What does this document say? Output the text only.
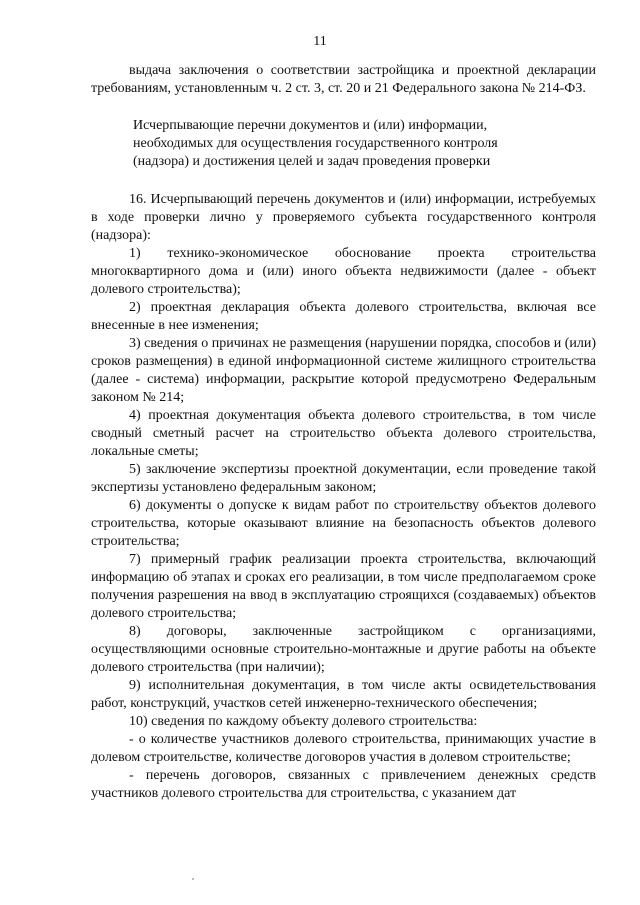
11

выдача заключения о соответствии застройщика и проектной декларации требованиям, установленным ч. 2 ст. 3, ст. 20 и 21 Федерального закона № 214-ФЗ.

Исчерпывающие перечни документов и (или) информации,
необходимых для осуществления государственного контроля
(надзора) и достижения целей и задач проведения проверки

16. Исчерпывающий перечень документов и (или) информации, истребуемых в ходе проверки лично у проверяемого субъекта государственного контроля (надзора):

1) технико-экономическое обоснование проекта строительства многоквартирного дома и (или) иного объекта недвижимости (далее - объект долевого строительства);

2) проектная декларация объекта долевого строительства, включая все внесенные в нее изменения;

3) сведения о причинах не размещения (нарушении порядка, способов и (или) сроков размещения) в единой информационной системе жилищного строительства (далее - система) информации, раскрытие которой предусмотрено Федеральным законом № 214;

4) проектная документация объекта долевого строительства, в том числе сводный сметный расчет на строительство объекта долевого строительства, локальные сметы;

5) заключение экспертизы проектной документации, если проведение такой экспертизы установлено федеральным законом;

6) документы о допуске к видам работ по строительству объектов долевого строительства, которые оказывают влияние на безопасность объектов долевого строительства;

7) примерный график реализации проекта строительства, включающий информацию об этапах и сроках его реализации, в том числе предполагаемом сроке получения разрешения на ввод в эксплуатацию строящихся (создаваемых) объектов долевого строительства;

8) договоры, заключенные застройщиком с организациями, осуществляющими основные строительно-монтажные и другие работы на объекте долевого строительства (при наличии);

9) исполнительная документация, в том числе акты освидетельствования работ, конструкций, участков сетей инженерно-технического обеспечения;

10) сведения по каждому объекту долевого строительства:

- о количестве участников долевого строительства, принимающих участие в долевом строительстве, количестве договоров участия в долевом строительстве;

- перечень договоров, связанных с привлечением денежных средств участников долевого строительства для строительства, с указанием дат
